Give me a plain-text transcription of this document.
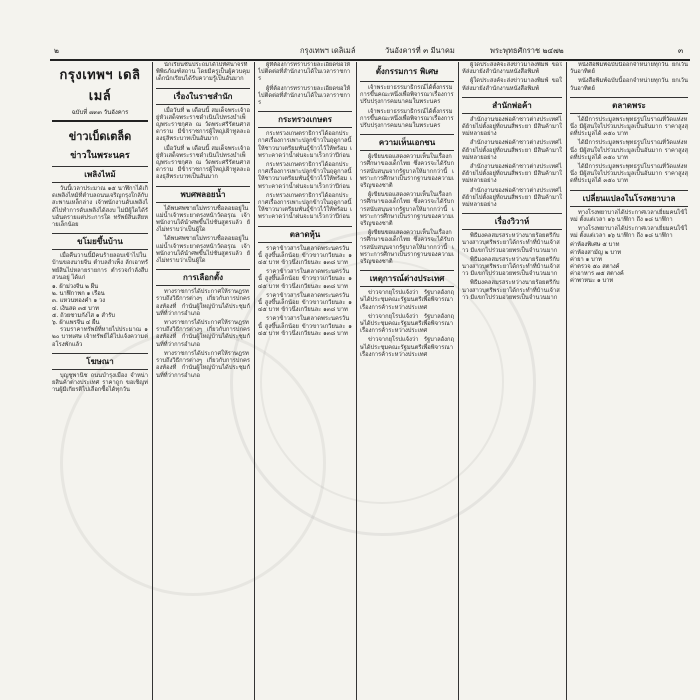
๒	กรุงเทพฯ เดลิเมล์	วันอังคารที่ ๓ มีนาคม	พระพุทธศักราช ๒๔๗๒	๓
กรุงเทพฯ เดลิเมล์
ฉบับที่ ๗๓๓ วันอังคาร
ข่าวเบ็ดเตล็ด
ข่าวในพระนคร
เพลิงไหม้

วันนี้เวลาประมาณ ๑๕ นาฬิกาได้เกิดเพลิงไหม้ที่ตำบลถนนเจริญกรุงใกล้กับสะพานเหล็กล่าง เจ้าพนักงานดับเพลิงได้ไปทำการดับเพลิงได้สงบ ไม่มีผู้ใดได้รับอันตรายแต่ประการใด ทรัพย์สินเสียหายเล็กน้อย

ขโมยขึ้นบ้าน

เมื่อคืนวานนี้มีคนร้ายลอบเข้าไปในบ้านของนายจีน ตำบลสำเพ็ง ลักเอาทรัพย์สินไปหลายรายการ ตำรวจกำลังสืบสวนอยู่ ได้แก่

๑. ผ้าม่วงจีน ๒ ผืน
๒. นาฬิกาพก ๑ เรือน
๓. แหวนทองคำ ๑ วง
๔. เงินสด ๓๕ บาท
๕. ถ้วยชามกังไส ๑ สำรับ
๖. ผ้าแพรจีน ๔ ผืน

รวมราคาทรัพย์ที่หายไปประมาณ ๑๒๐ บาทเศษ เจ้าทรัพย์ได้ไปแจ้งความต่อโรงพักแล้ว

โฆษณา

บุญชูพานิช ถนนบำรุงเมือง จำหน่ายสินค้าต่างประเทศ ราคาถูก ขอเชิญท่านผู้มีเกียรติไปเลือกซื้อได้ทุกวัน

นักเรียนชั้นประถมได้ไปทัศนาจรที่พิพิธภัณฑ์สถาน โดยมีครูเป็นผู้ควบคุม เด็กนักเรียนได้รับความรู้เป็นอันมาก

เรื่องในราชสำนัก

เมื่อวันที่ ๒ เดือนนี้ สมเด็จพระเจ้าอยู่หัวเสด็จพระราชดำเนินไปทรงบำเพ็ญพระราชกุศล ณ วัดพระศรีรัตนศาสดาราม มีข้าราชการผู้ใหญ่เฝ้าทูลละอองธุลีพระบาทเป็นอันมาก

เมื่อวันที่ ๒ เดือนนี้ สมเด็จพระเจ้าอยู่หัวเสด็จพระราชดำเนินไปทรงบำเพ็ญพระราชกุศล ณ วัดพระศรีรัตนศาสดาราม มีข้าราชการผู้ใหญ่เฝ้าทูลละอองธุลีพระบาทเป็นอันมาก

พบศพลอยน้ำ

ได้พบศพชายไม่ทราบชื่อลอยอยู่ในแม่น้ำเจ้าพระยาตรงหน้าวัดอรุณ เจ้าพนักงานได้นำศพขึ้นไปชันสูตรแล้ว ยังไม่ทราบว่าเป็นผู้ใด

ได้พบศพชายไม่ทราบชื่อลอยอยู่ในแม่น้ำเจ้าพระยาตรงหน้าวัดอรุณ เจ้าพนักงานได้นำศพขึ้นไปชันสูตรแล้ว ยังไม่ทราบว่าเป็นผู้ใด

การเลือกตั้ง

ทางราชการได้ประกาศให้ราษฎรทราบถึงวิธีการต่างๆ เกี่ยวกับการปกครองท้องที่ กำนันผู้ใหญ่บ้านได้ประชุมกันที่ที่ว่าการอำเภอ

ทางราชการได้ประกาศให้ราษฎรทราบถึงวิธีการต่างๆ เกี่ยวกับการปกครองท้องที่ กำนันผู้ใหญ่บ้านได้ประชุมกันที่ที่ว่าการอำเภอ

ทางราชการได้ประกาศให้ราษฎรทราบถึงวิธีการต่างๆ เกี่ยวกับการปกครองท้องที่ กำนันผู้ใหญ่บ้านได้ประชุมกันที่ที่ว่าการอำเภอ

ผู้ที่ต้องการทราบรายละเอียดขอให้ไปติดต่อที่สำนักงานได้ในเวลาราชการ

ผู้ที่ต้องการทราบรายละเอียดขอให้ไปติดต่อที่สำนักงานได้ในเวลาราชการ

กระทรวงเกษตร

กระทรวงเกษตราธิการได้ออกประกาศเรื่องการเพาะปลูกข้าวในฤดูกาลนี้ ให้ชาวนาเตรียมพันธุ์ข้าวไว้ให้พร้อม เพราะคาดว่าน้ำฝนจะมาเร็วกว่าปีก่อน

กระทรวงเกษตราธิการได้ออกประกาศเรื่องการเพาะปลูกข้าวในฤดูกาลนี้ ให้ชาวนาเตรียมพันธุ์ข้าวไว้ให้พร้อม เพราะคาดว่าน้ำฝนจะมาเร็วกว่าปีก่อน

กระทรวงเกษตราธิการได้ออกประกาศเรื่องการเพาะปลูกข้าวในฤดูกาลนี้ ให้ชาวนาเตรียมพันธุ์ข้าวไว้ให้พร้อม เพราะคาดว่าน้ำฝนจะมาเร็วกว่าปีก่อน

ตลาดหุ้น

ราคาข้าวสารในตลาดพระนครวันนี้ สูงขึ้นเล็กน้อย ข้าวขาวเกวียนละ ๑๔๕ บาท ข้าวนึ่งเกวียนละ ๑๓๘ บาท

ราคาข้าวสารในตลาดพระนครวันนี้ สูงขึ้นเล็กน้อย ข้าวขาวเกวียนละ ๑๔๕ บาท ข้าวนึ่งเกวียนละ ๑๓๘ บาท

ราคาข้าวสารในตลาดพระนครวันนี้ สูงขึ้นเล็กน้อย ข้าวขาวเกวียนละ ๑๔๕ บาท ข้าวนึ่งเกวียนละ ๑๓๘ บาท

ราคาข้าวสารในตลาดพระนครวันนี้ สูงขึ้นเล็กน้อย ข้าวขาวเกวียนละ ๑๔๕ บาท ข้าวนึ่งเกวียนละ ๑๓๘ บาท

ตั้งกรรมการ พิเศษ

เจ้าพระยาธรรมาธิกรณ์ได้ตั้งกรรมการขึ้นคณะหนึ่งเพื่อพิจารณาเรื่องการปรับปรุงการคมนาคมในพระนคร

เจ้าพระยาธรรมาธิกรณ์ได้ตั้งกรรมการขึ้นคณะหนึ่งเพื่อพิจารณาเรื่องการปรับปรุงการคมนาคมในพระนคร

ความเห็นเอกชน

ผู้เขียนขอแสดงความเห็นในเรื่องการศึกษาของเด็กไทย ซึ่งควรจะได้รับการสนับสนุนจากรัฐบาลให้มากกว่านี้ เพราะการศึกษาเป็นรากฐานของความเจริญของชาติ

ผู้เขียนขอแสดงความเห็นในเรื่องการศึกษาของเด็กไทย ซึ่งควรจะได้รับการสนับสนุนจากรัฐบาลให้มากกว่านี้ เพราะการศึกษาเป็นรากฐานของความเจริญของชาติ

ผู้เขียนขอแสดงความเห็นในเรื่องการศึกษาของเด็กไทย ซึ่งควรจะได้รับการสนับสนุนจากรัฐบาลให้มากกว่านี้ เพราะการศึกษาเป็นรากฐานของความเจริญของชาติ

เหตุการณ์ต่างประเทศ

ข่าวจากยุโรปแจ้งว่า รัฐบาลอังกฤษได้ประชุมคณะรัฐมนตรีเพื่อพิจารณาเรื่องการค้าระหว่างประเทศ

ข่าวจากยุโรปแจ้งว่า รัฐบาลอังกฤษได้ประชุมคณะรัฐมนตรีเพื่อพิจารณาเรื่องการค้าระหว่างประเทศ

ข่าวจากยุโรปแจ้งว่า รัฐบาลอังกฤษได้ประชุมคณะรัฐมนตรีเพื่อพิจารณาเรื่องการค้าระหว่างประเทศ

ผู้ใดประสงค์จะส่งข่าวมาลงพิมพ์ ขอให้ส่งมายังสำนักงานหนังสือพิมพ์

ผู้ใดประสงค์จะส่งข่าวมาลงพิมพ์ ขอให้ส่งมายังสำนักงานหนังสือพิมพ์

สำนักพ่อค้า

สำนักงานของพ่อค้าชาวต่างประเทศได้ย้ายไปตั้งอยู่ที่ถนนสี่พระยา มีสินค้ามาใหม่หลายอย่าง

สำนักงานของพ่อค้าชาวต่างประเทศได้ย้ายไปตั้งอยู่ที่ถนนสี่พระยา มีสินค้ามาใหม่หลายอย่าง

สำนักงานของพ่อค้าชาวต่างประเทศได้ย้ายไปตั้งอยู่ที่ถนนสี่พระยา มีสินค้ามาใหม่หลายอย่าง

สำนักงานของพ่อค้าชาวต่างประเทศได้ย้ายไปตั้งอยู่ที่ถนนสี่พระยา มีสินค้ามาใหม่หลายอย่าง

เรื่องวิวาห์

พิธีมงคลสมรสระหว่างนายร้อยตรีกับนางสาวบุตรีพระยาได้กระทำที่บ้านเจ้าสาว มีแขกไปร่วมอวยพรเป็นจำนวนมาก

พิธีมงคลสมรสระหว่างนายร้อยตรีกับนางสาวบุตรีพระยาได้กระทำที่บ้านเจ้าสาว มีแขกไปร่วมอวยพรเป็นจำนวนมาก

พิธีมงคลสมรสระหว่างนายร้อยตรีกับนางสาวบุตรีพระยาได้กระทำที่บ้านเจ้าสาว มีแขกไปร่วมอวยพรเป็นจำนวนมาก

หนังสือพิมพ์ฉบับนี้ออกจำหน่ายทุกวัน ยกเว้นวันอาทิตย์

หนังสือพิมพ์ฉบับนี้ออกจำหน่ายทุกวัน ยกเว้นวันอาทิตย์

ตลาดพระ

ได้มีการประมูลพระพุทธรูปโบราณที่วัดแห่งหนึ่ง มีผู้สนใจไปร่วมประมูลเป็นอันมาก ราคาสูงสุดที่ประมูลได้ ๓๕๐ บาท

ได้มีการประมูลพระพุทธรูปโบราณที่วัดแห่งหนึ่ง มีผู้สนใจไปร่วมประมูลเป็นอันมาก ราคาสูงสุดที่ประมูลได้ ๓๕๐ บาท

ได้มีการประมูลพระพุทธรูปโบราณที่วัดแห่งหนึ่ง มีผู้สนใจไปร่วมประมูลเป็นอันมาก ราคาสูงสุดที่ประมูลได้ ๓๕๐ บาท

เปลี่ยนแปลงในโรงพยาบาล

ทางโรงพยาบาลได้ประกาศเวลาเยี่ยมคนไข้ใหม่ ตั้งแต่เวลา ๑๖ นาฬิกา ถึง ๑๘ นาฬิกา

ทางโรงพยาบาลได้ประกาศเวลาเยี่ยมคนไข้ใหม่ ตั้งแต่เวลา ๑๖ นาฬิกา ถึง ๑๘ นาฬิกา

ค่าห้องพิเศษ ๕ บาท
ค่าห้องสามัญ ๒ บาท
ค่ายา ๑ บาท
ค่าตรวจ ๕๐ สตางค์
ค่าอาหาร ๗๕ สตางค์
ค่าพาหนะ ๑ บาท
